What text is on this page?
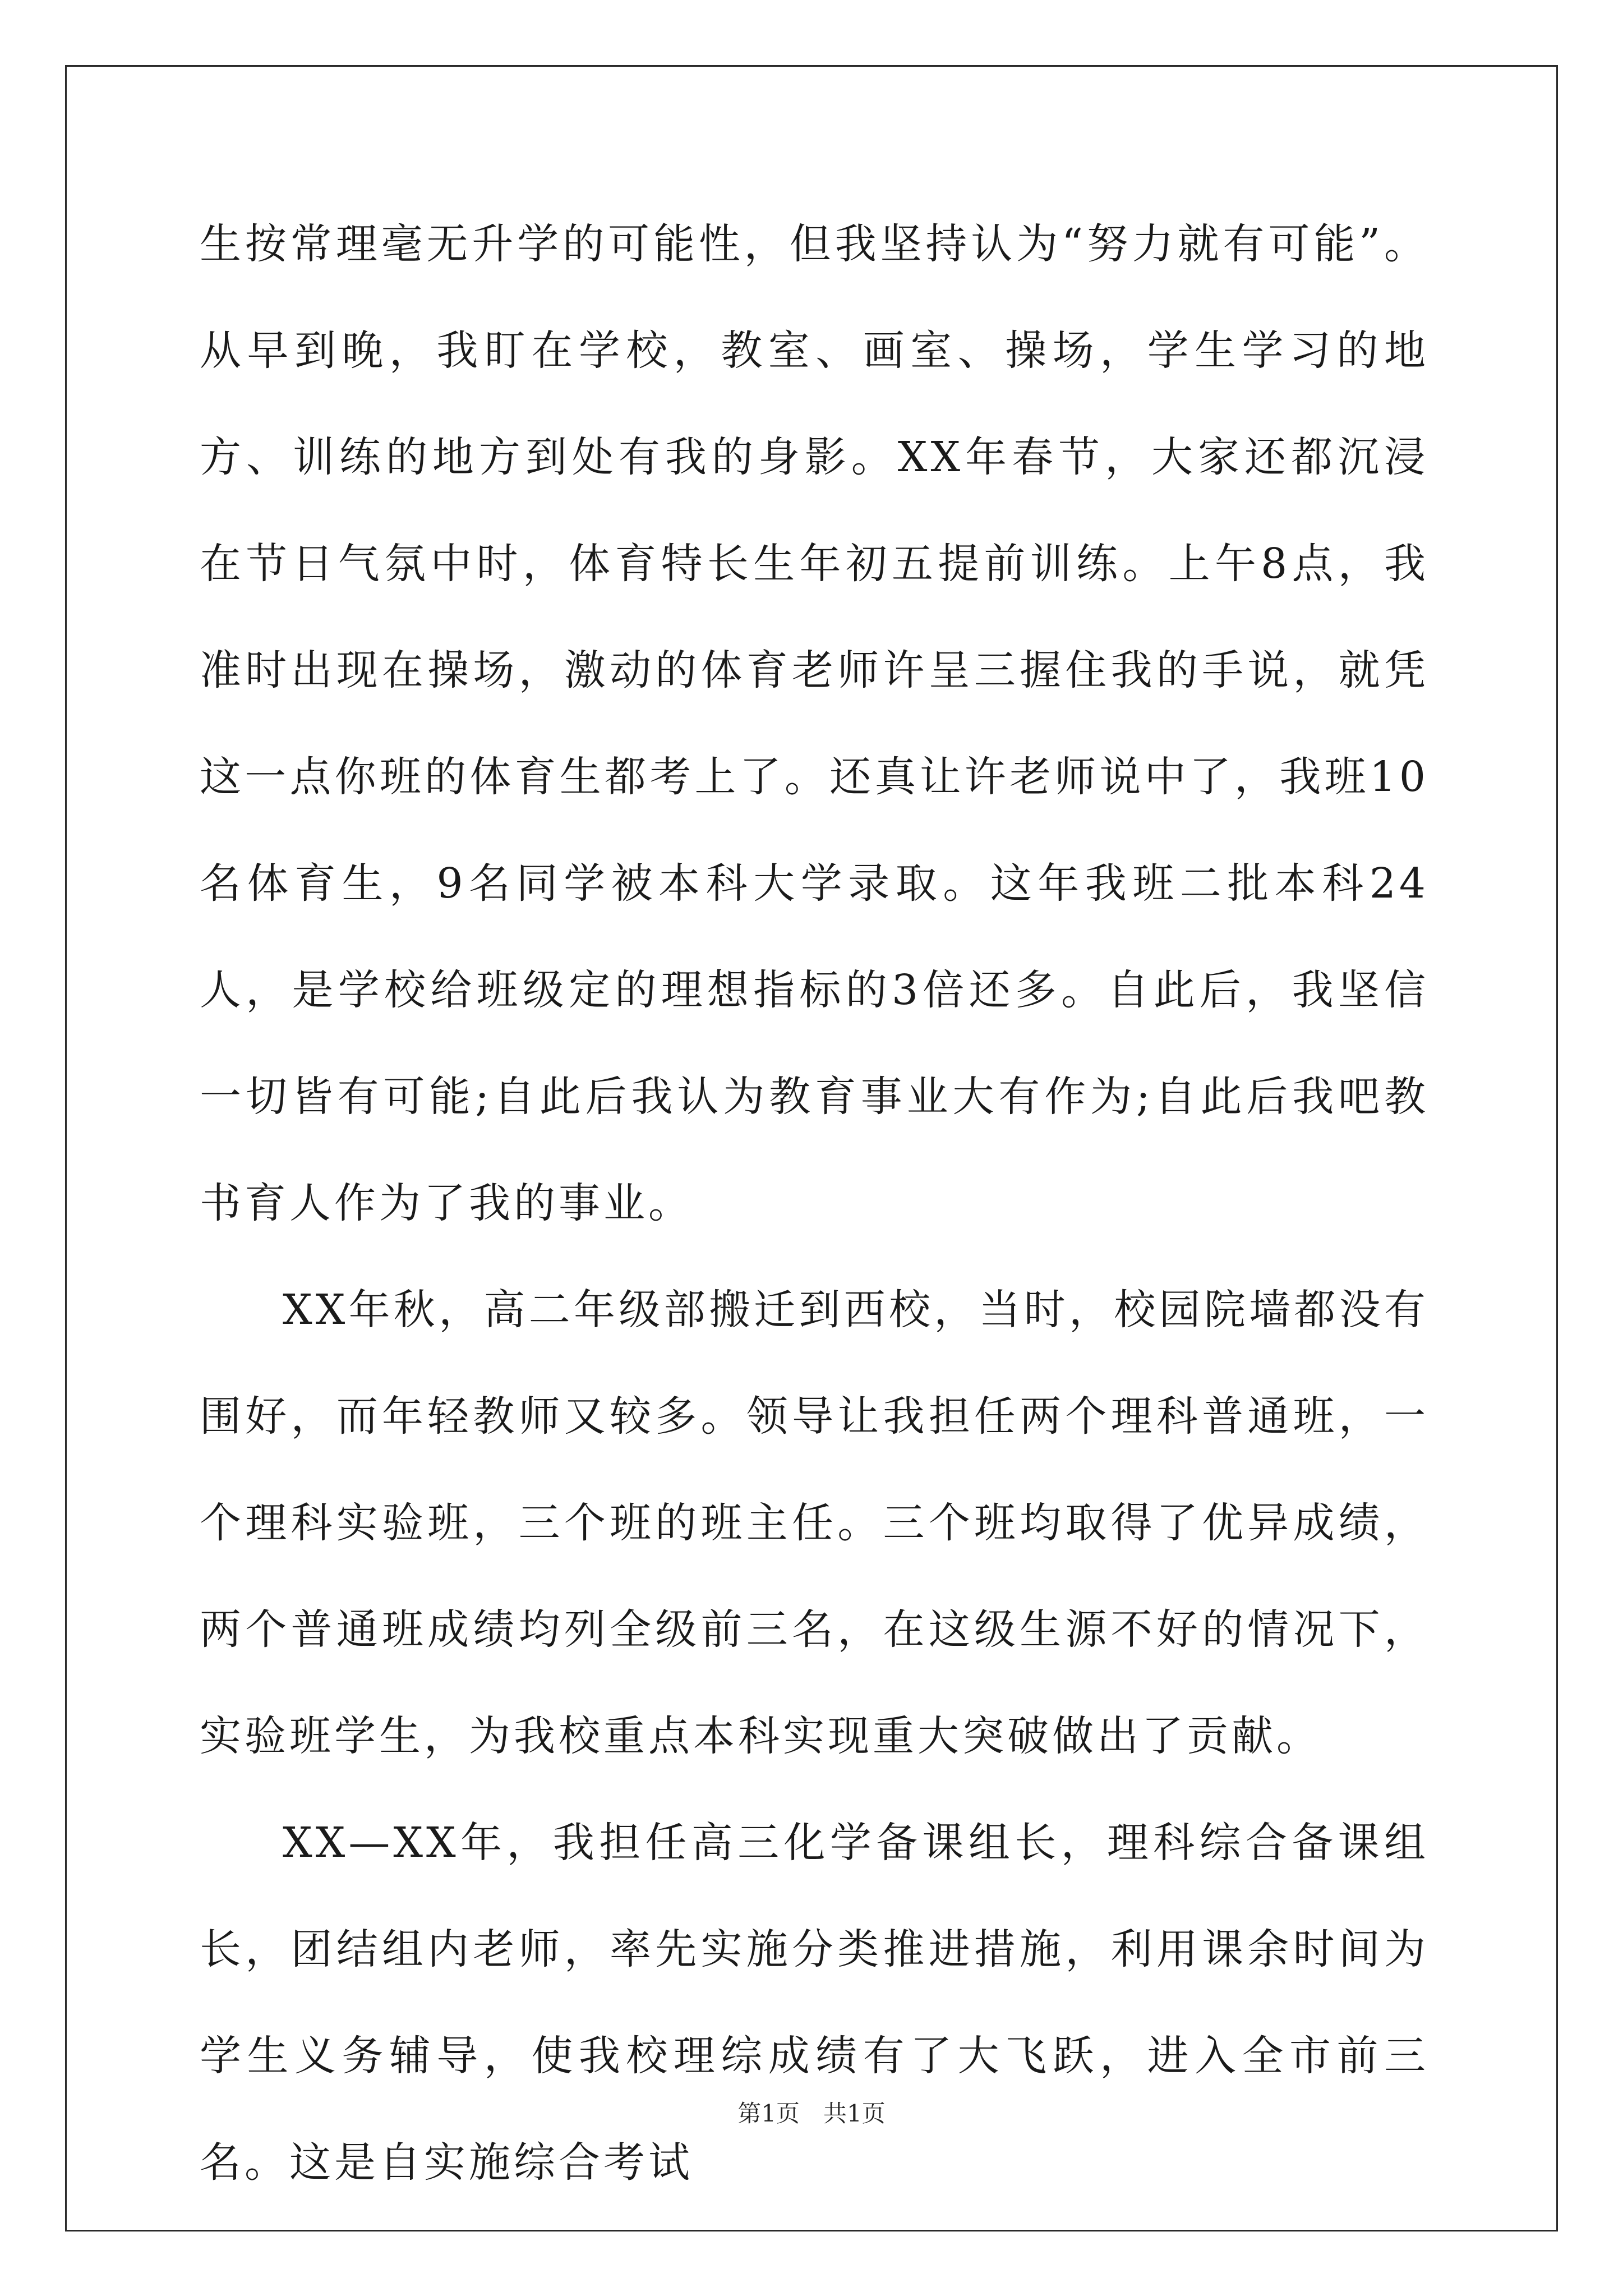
生按常理毫无升学的可能性，但我坚持认为“努力就有可能”。从早到晚，我盯在学校，教室、画室、操场，学生学习的地方、训练的地方到处有我的身影。XX年春节，大家还都沉浸在节日气氛中时，体育特长生年初五提前训练。上午8点，我准时出现在操场，激动的体育老师许呈三握住我的手说，就凭这一点你班的体育生都考上了。还真让许老师说中了，我班10名体育生，9名同学被本科大学录取。这年我班二批本科24人，是学校给班级定的理想指标的3倍还多。自此后，我坚信一切皆有可能;自此后我认为教育事业大有作为;自此后我吧教书育人作为了我的事业。

XX年秋，高二年级部搬迁到西校，当时，校园院墙都没有围好，而年轻教师又较多。领导让我担任两个理科普通班，一个理科实验班，三个班的班主任。三个班均取得了优异成绩，两个普通班成绩均列全级前三名，在这级生源不好的情况下，实验班学生，为我校重点本科实现重大突破做出了贡献。

XX—XX年，我担任高三化学备课组长，理科综合备课组长，团结组内老师，率先实施分类推进措施，利用课余时间为学生义务辅导，使我校理综成绩有了大飞跃，进入全市前三名。这是自实施综合考试

第1页　共1页
